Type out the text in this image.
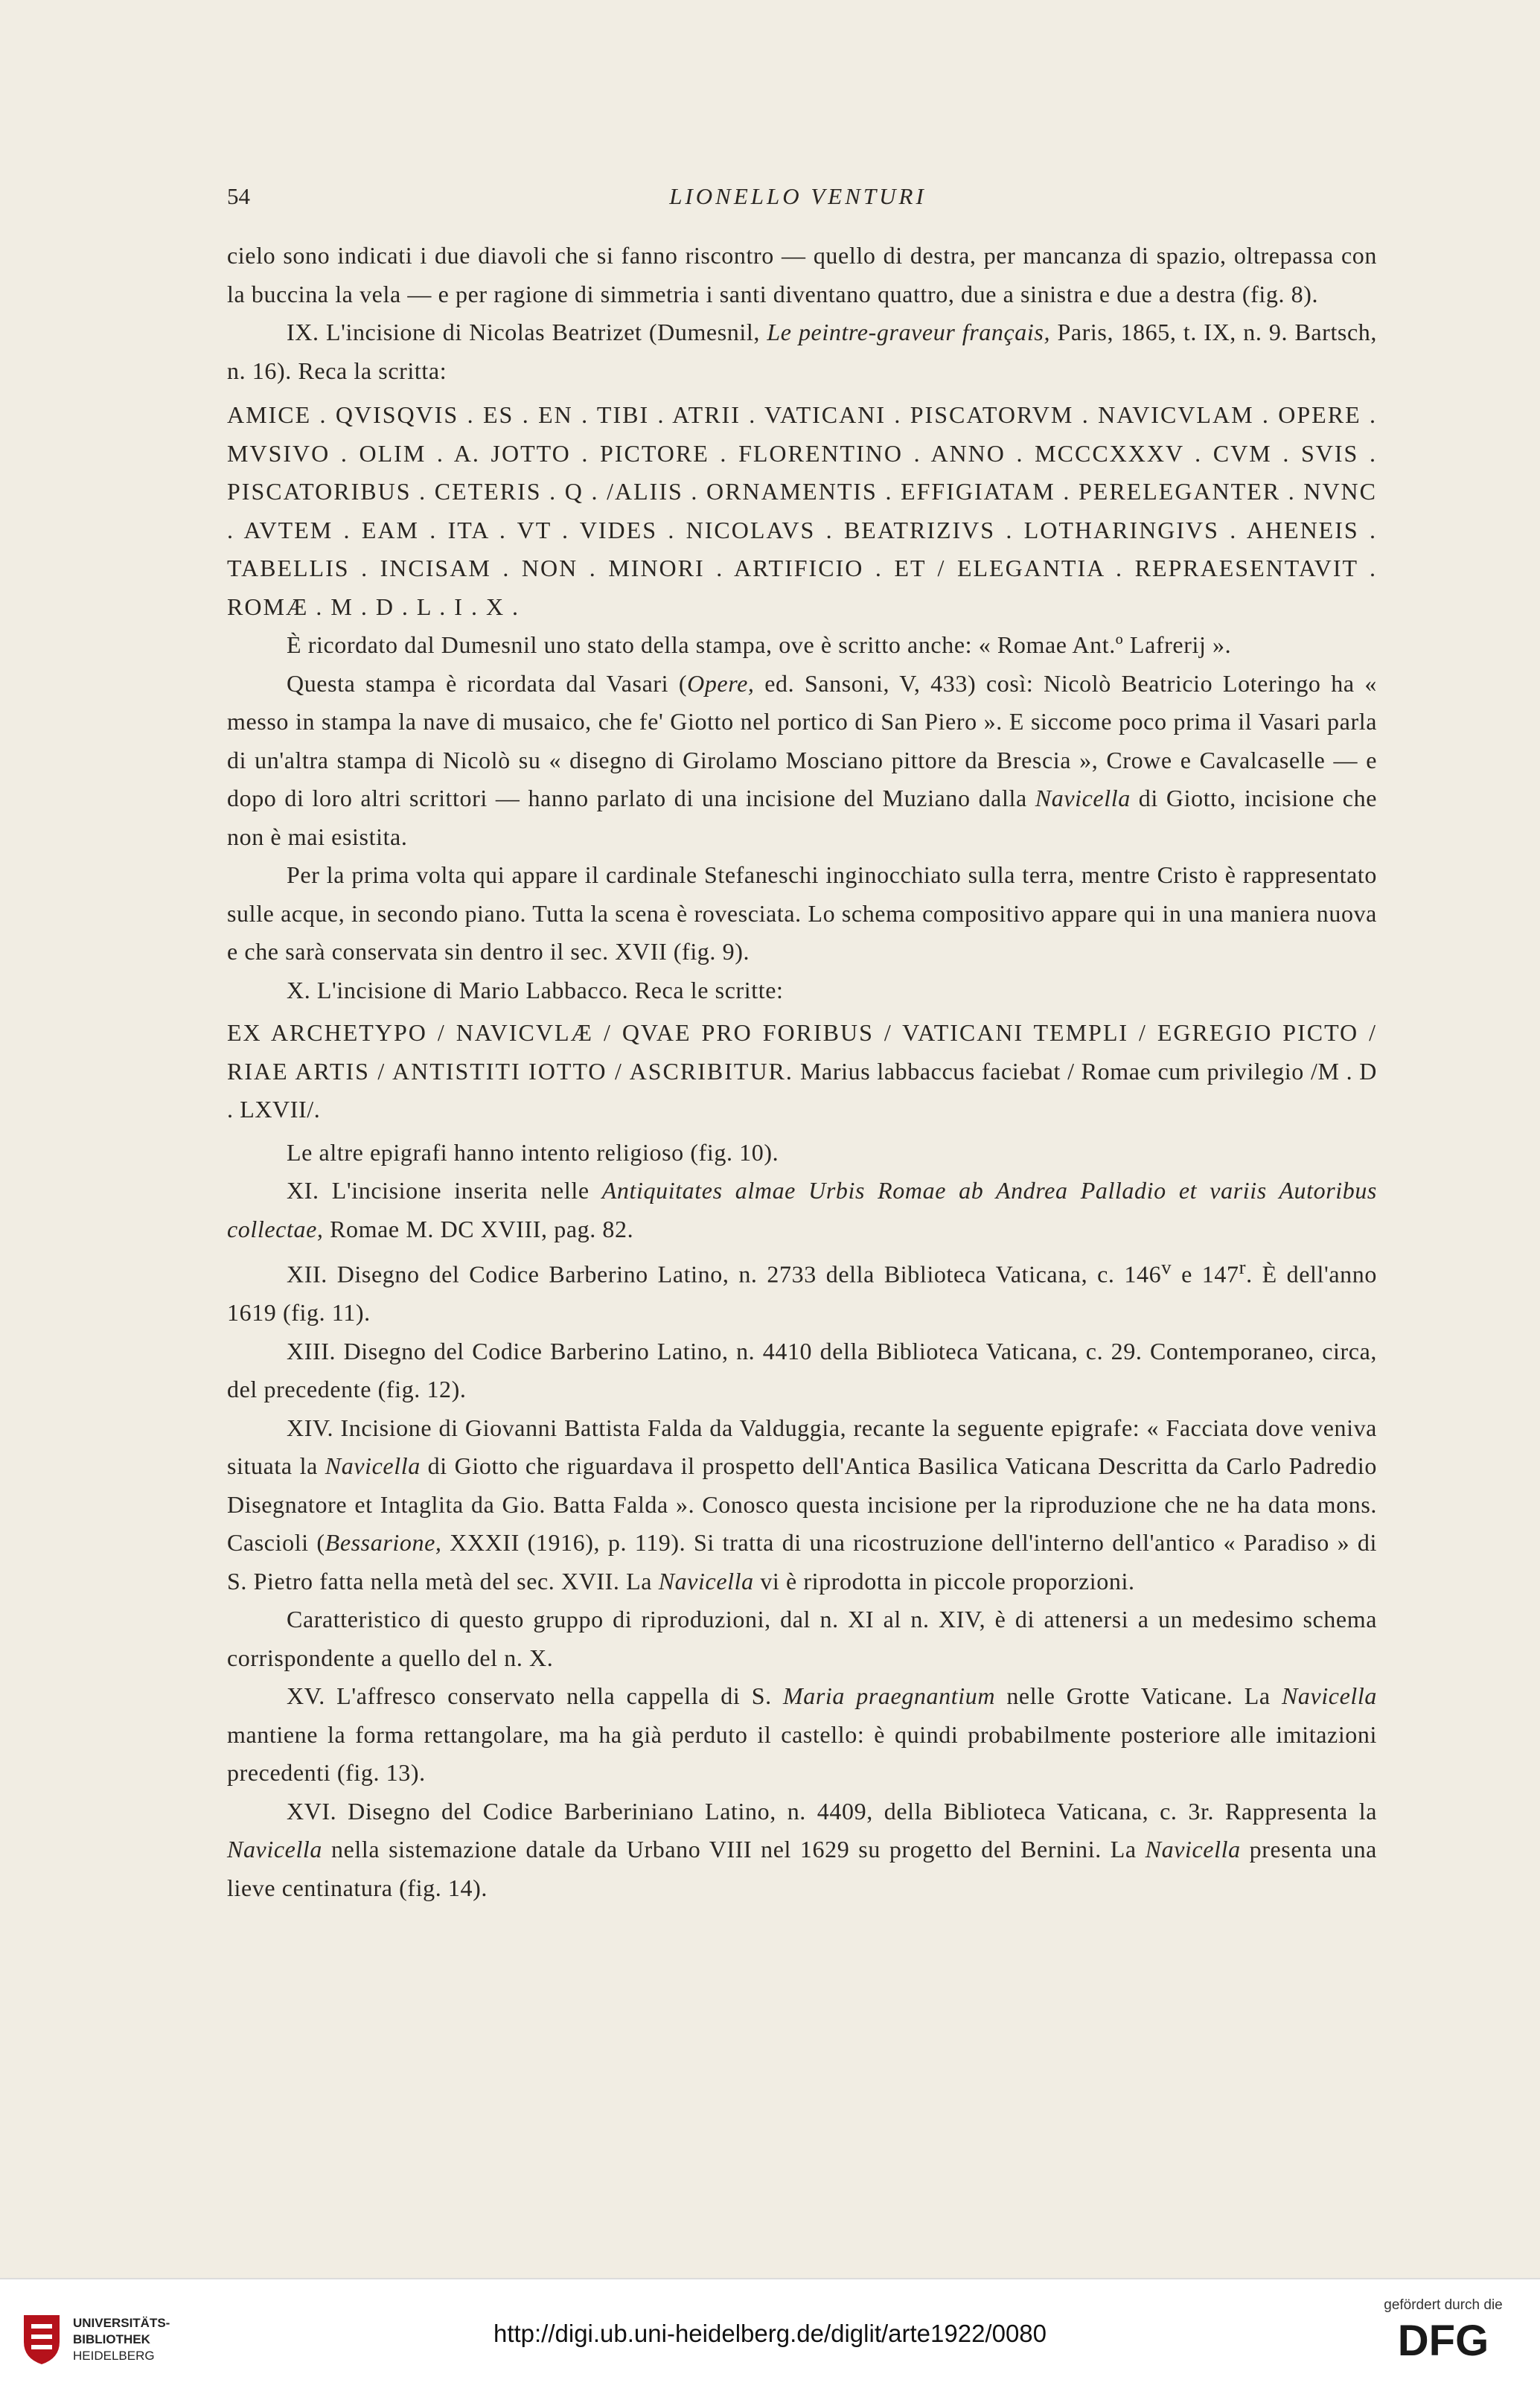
54	LIONELLO VENTURI

cielo sono indicati i due diavoli che si fanno riscontro — quello di destra, per mancanza di spazio, oltrepassa con la buccina la vela — e per ragione di simmetria i santi diventano quattro, due a sinistra e due a destra (fig. 8).

IX. L'incisione di Nicolas Beatrizet (Dumesnil, Le peintre-graveur français, Paris, 1865, t. IX, n. 9. Bartsch, n. 16). Reca la scritta:

AMICE . QVISQVIS . ES . EN . TIBI . ATRII . VATICANI . PISCATORVM . NAVICVLAM . OPERE . MVSIVO . OLIM . A. JOTTO . PICTORE . FLORENTINO . ANNO . MCCCXXXV . CVM . SVIS . PISCATORIBUS . CETERIS . Q . /ALIIS . ORNAMENTIS . EFFIGIATAM . PERELEGANTER . NVNC . AVTEM . EAM . ITA . VT . VIDES . NICOLAVS . BEATRIZIVS . LOTHARINGIVS . AHENEIS . TABELLIS . INCISAM . NON . MINORI . ARTIFICIO . ET / ELEGANTIA . REPRAESENTAVIT . ROMÆ . M . D . L . I . X .

È ricordato dal Dumesnil uno stato della stampa, ove è scritto anche: « Romae Ant.º Lafrerij ».

Questa stampa è ricordata dal Vasari (Opere, ed. Sansoni, V, 433) così: Nicolò Beatricio Loteringo ha « messo in stampa la nave di musaico, che fe' Giotto nel portico di San Piero ». E siccome poco prima il Vasari parla di un'altra stampa di Nicolò su « disegno di Girolamo Mosciano pittore da Brescia », Crowe e Cavalcaselle — e dopo di loro altri scrittori — hanno parlato di una incisione del Muziano dalla Navicella di Giotto, incisione che non è mai esistita.

Per la prima volta qui appare il cardinale Stefaneschi inginocchiato sulla terra, mentre Cristo è rappresentato sulle acque, in secondo piano. Tutta la scena è rovesciata. Lo schema compositivo appare qui in una maniera nuova e che sarà conservata sin dentro il sec. XVII (fig. 9).

X. L'incisione di Mario Labbacco. Reca le scritte:

EX ARCHETYPO / NAVICVLÆ / QVAE PRO FORIBUS / VATICANI TEMPLI / EGREGIO PICTO / RIAE ARTIS / ANTISTITI IOTTO / ASCRIBITUR. Marius labbaccus faciebat / Romae cum privilegio /M . D . LXVII/.

Le altre epigrafi hanno intento religioso (fig. 10).

XI. L'incisione inserita nelle Antiquitates almae Urbis Romae ab Andrea Palladio et variis Autoribus collectae, Romae M. DC XVIII, pag. 82.

XII. Disegno del Codice Barberino Latino, n. 2733 della Biblioteca Vaticana, c. 146$^v$ e 147$^r$. È dell'anno 1619 (fig. 11).

XIII. Disegno del Codice Barberino Latino, n. 4410 della Biblioteca Vaticana, c. 29. Contemporaneo, circa, del precedente (fig. 12).

XIV. Incisione di Giovanni Battista Falda da Valduggia, recante la seguente epigrafe: « Facciata dove veniva situata la Navicella di Giotto che riguardava il prospetto dell'Antica Basilica Vaticana Descritta da Carlo Padredio Disegnatore et Intaglita da Gio. Batta Falda ». Conosco questa incisione per la riproduzione che ne ha data mons. Cascioli (Bessarione, XXXII (1916), p. 119). Si tratta di una ricostruzione dell'interno dell'antico « Paradiso » di S. Pietro fatta nella metà del sec. XVII. La Navicella vi è riprodotta in piccole proporzioni.

Caratteristico di questo gruppo di riproduzioni, dal n. XI al n. XIV, è di attenersi a un medesimo schema corrispondente a quello del n. X.

XV. L'affresco conservato nella cappella di S. Maria praegnantium nelle Grotte Vaticane. La Navicella mantiene la forma rettangolare, ma ha già perduto il castello: è quindi probabilmente posteriore alle imitazioni precedenti (fig. 13).

XVI. Disegno del Codice Barberiniano Latino, n. 4409, della Biblioteca Vaticana, c. 3r. Rappresenta la Navicella nella sistemazione datale da Urbano VIII nel 1629 su progetto del Bernini. La Navicella presenta una lieve centinatura (fig. 14).

UNIVERSITÄTS-
BIBLIOTHEK
HEIDELBERG
http://digi.ub.uni-heidelberg.de/diglit/arte1922/0080
gefördert durch die
DFG
